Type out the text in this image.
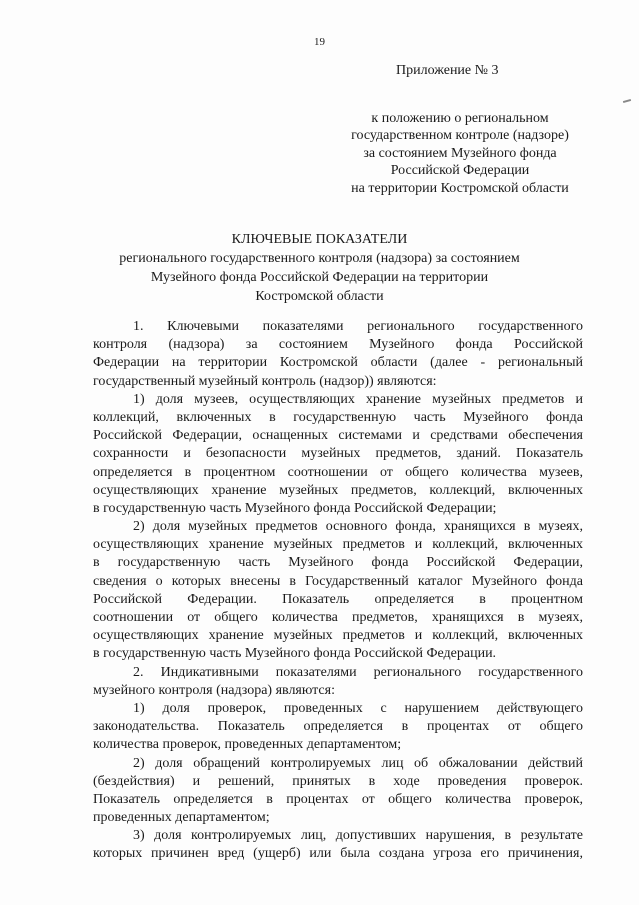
19
Приложение № 3
к положению о региональном
государственном контроле (надзоре)
за состоянием Музейного фонда
Российской Федерации
на территории Костромской области
КЛЮЧЕВЫЕ ПОКАЗАТЕЛИ
регионального государственного контроля (надзора) за состоянием
Музейного фонда Российской Федерации на территории
Костромской области
1. Ключевыми показателями регионального государственного
контроля (надзора) за состоянием Музейного фонда Российской
Федерации на территории Костромской области (далее - региональный
государственный музейный контроль (надзор)) являются:
1) доля музеев, осуществляющих хранение музейных предметов и
коллекций, включенных в государственную часть Музейного фонда
Российской Федерации, оснащенных системами и средствами обеспечения
сохранности и безопасности музейных предметов, зданий. Показатель
определяется в процентном соотношении от общего количества музеев,
осуществляющих хранение музейных предметов, коллекций, включенных
в государственную часть Музейного фонда Российской Федерации;
2) доля музейных предметов основного фонда, хранящихся в музеях,
осуществляющих хранение музейных предметов и коллекций, включенных
в государственную часть Музейного фонда Российской Федерации,
сведения о которых внесены в Государственный каталог Музейного фонда
Российской Федерации. Показатель определяется в процентном
соотношении от общего количества предметов, хранящихся в музеях,
осуществляющих хранение музейных предметов и коллекций, включенных
в государственную часть Музейного фонда Российской Федерации.
2. Индикативными показателями регионального государственного
музейного контроля (надзора) являются:
1) доля проверок, проведенных с нарушением действующего
законодательства. Показатель определяется в процентах от общего
количества проверок, проведенных департаментом;
2) доля обращений контролируемых лиц об обжаловании действий
(бездействия) и решений, принятых в ходе проведения проверок.
Показатель определяется в процентах от общего количества проверок,
проведенных департаментом;
3) доля контролируемых лиц, допустивших нарушения, в результате
которых причинен вред (ущерб) или была создана угроза его причинения,
